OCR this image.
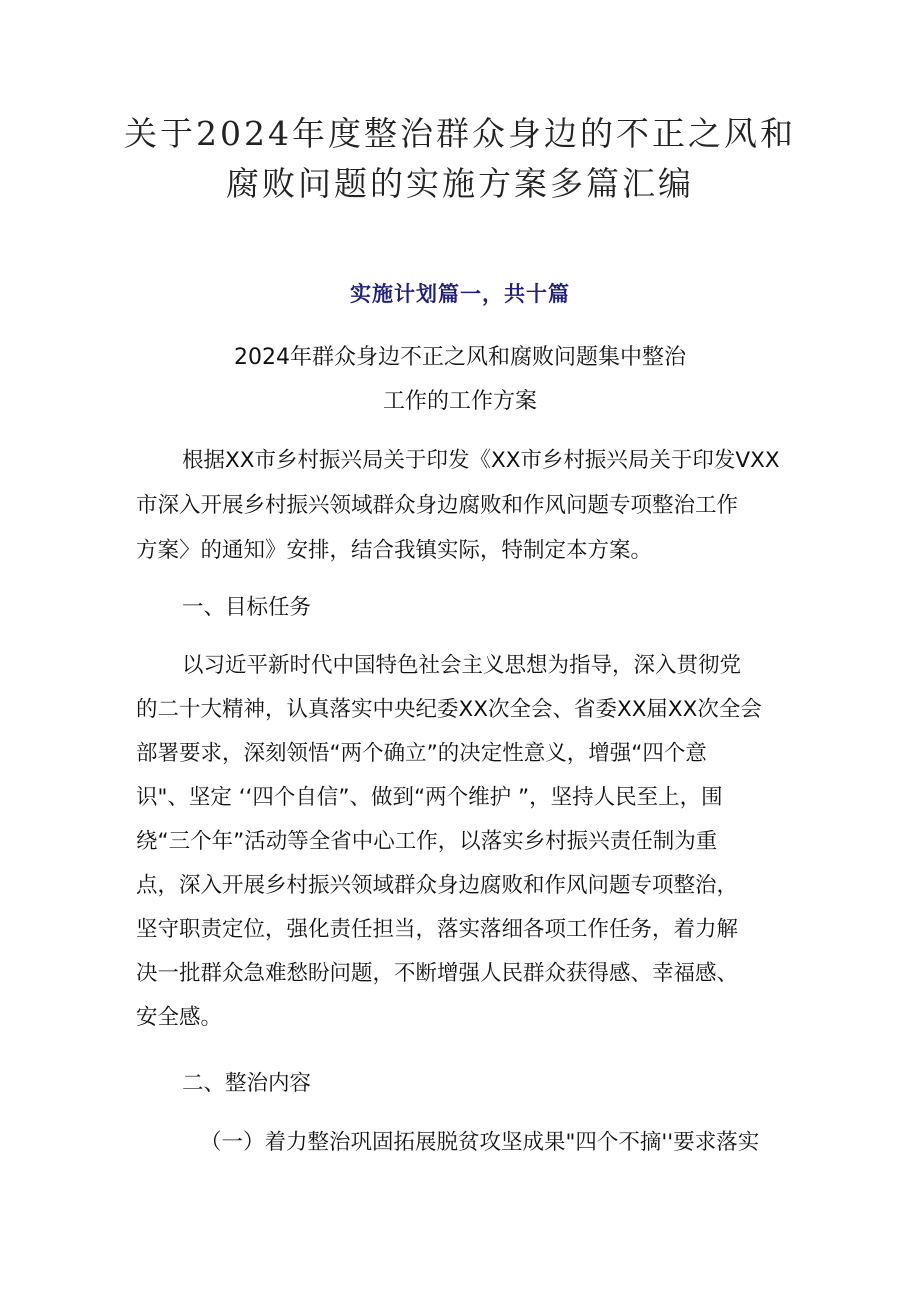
关于2024年度整治群众身边的不正之风和
腐败问题的实施方案多篇汇编
实施计划篇一，共十篇
2024年群众身边不正之风和腐败问题集中整治
工作的工作方案
根据XX市乡村振兴局关于印发《XX市乡村振兴局关于印发VXX
市深入开展乡村振兴领域群众身边腐败和作风问题专项整治工作
方案〉的通知》安排，结合我镇实际，特制定本方案。
一、目标任务
以习近平新时代中国特色社会主义思想为指导，深入贯彻党
的二十大精神，认真落实中央纪委XX次全会、省委XX届XX次全会
部署要求，深刻领悟“两个确立”的决定性意义，增强“四个意
识"、坚定 ‘‘四个自信”、做到“两个维护 ”，坚持人民至上，围
绕“三个年”活动等全省中心工作，以落实乡村振兴责任制为重
点，深入开展乡村振兴领域群众身边腐败和作风问题专项整治，
坚守职责定位，强化责任担当，落实落细各项工作任务，着力解
决一批群众急难愁盼问题，不断增强人民群众获得感、幸福感、
安全感。
二、整治内容
（一）着力整治巩固拓展脱贫攻坚成果"四个不摘''要求落实
